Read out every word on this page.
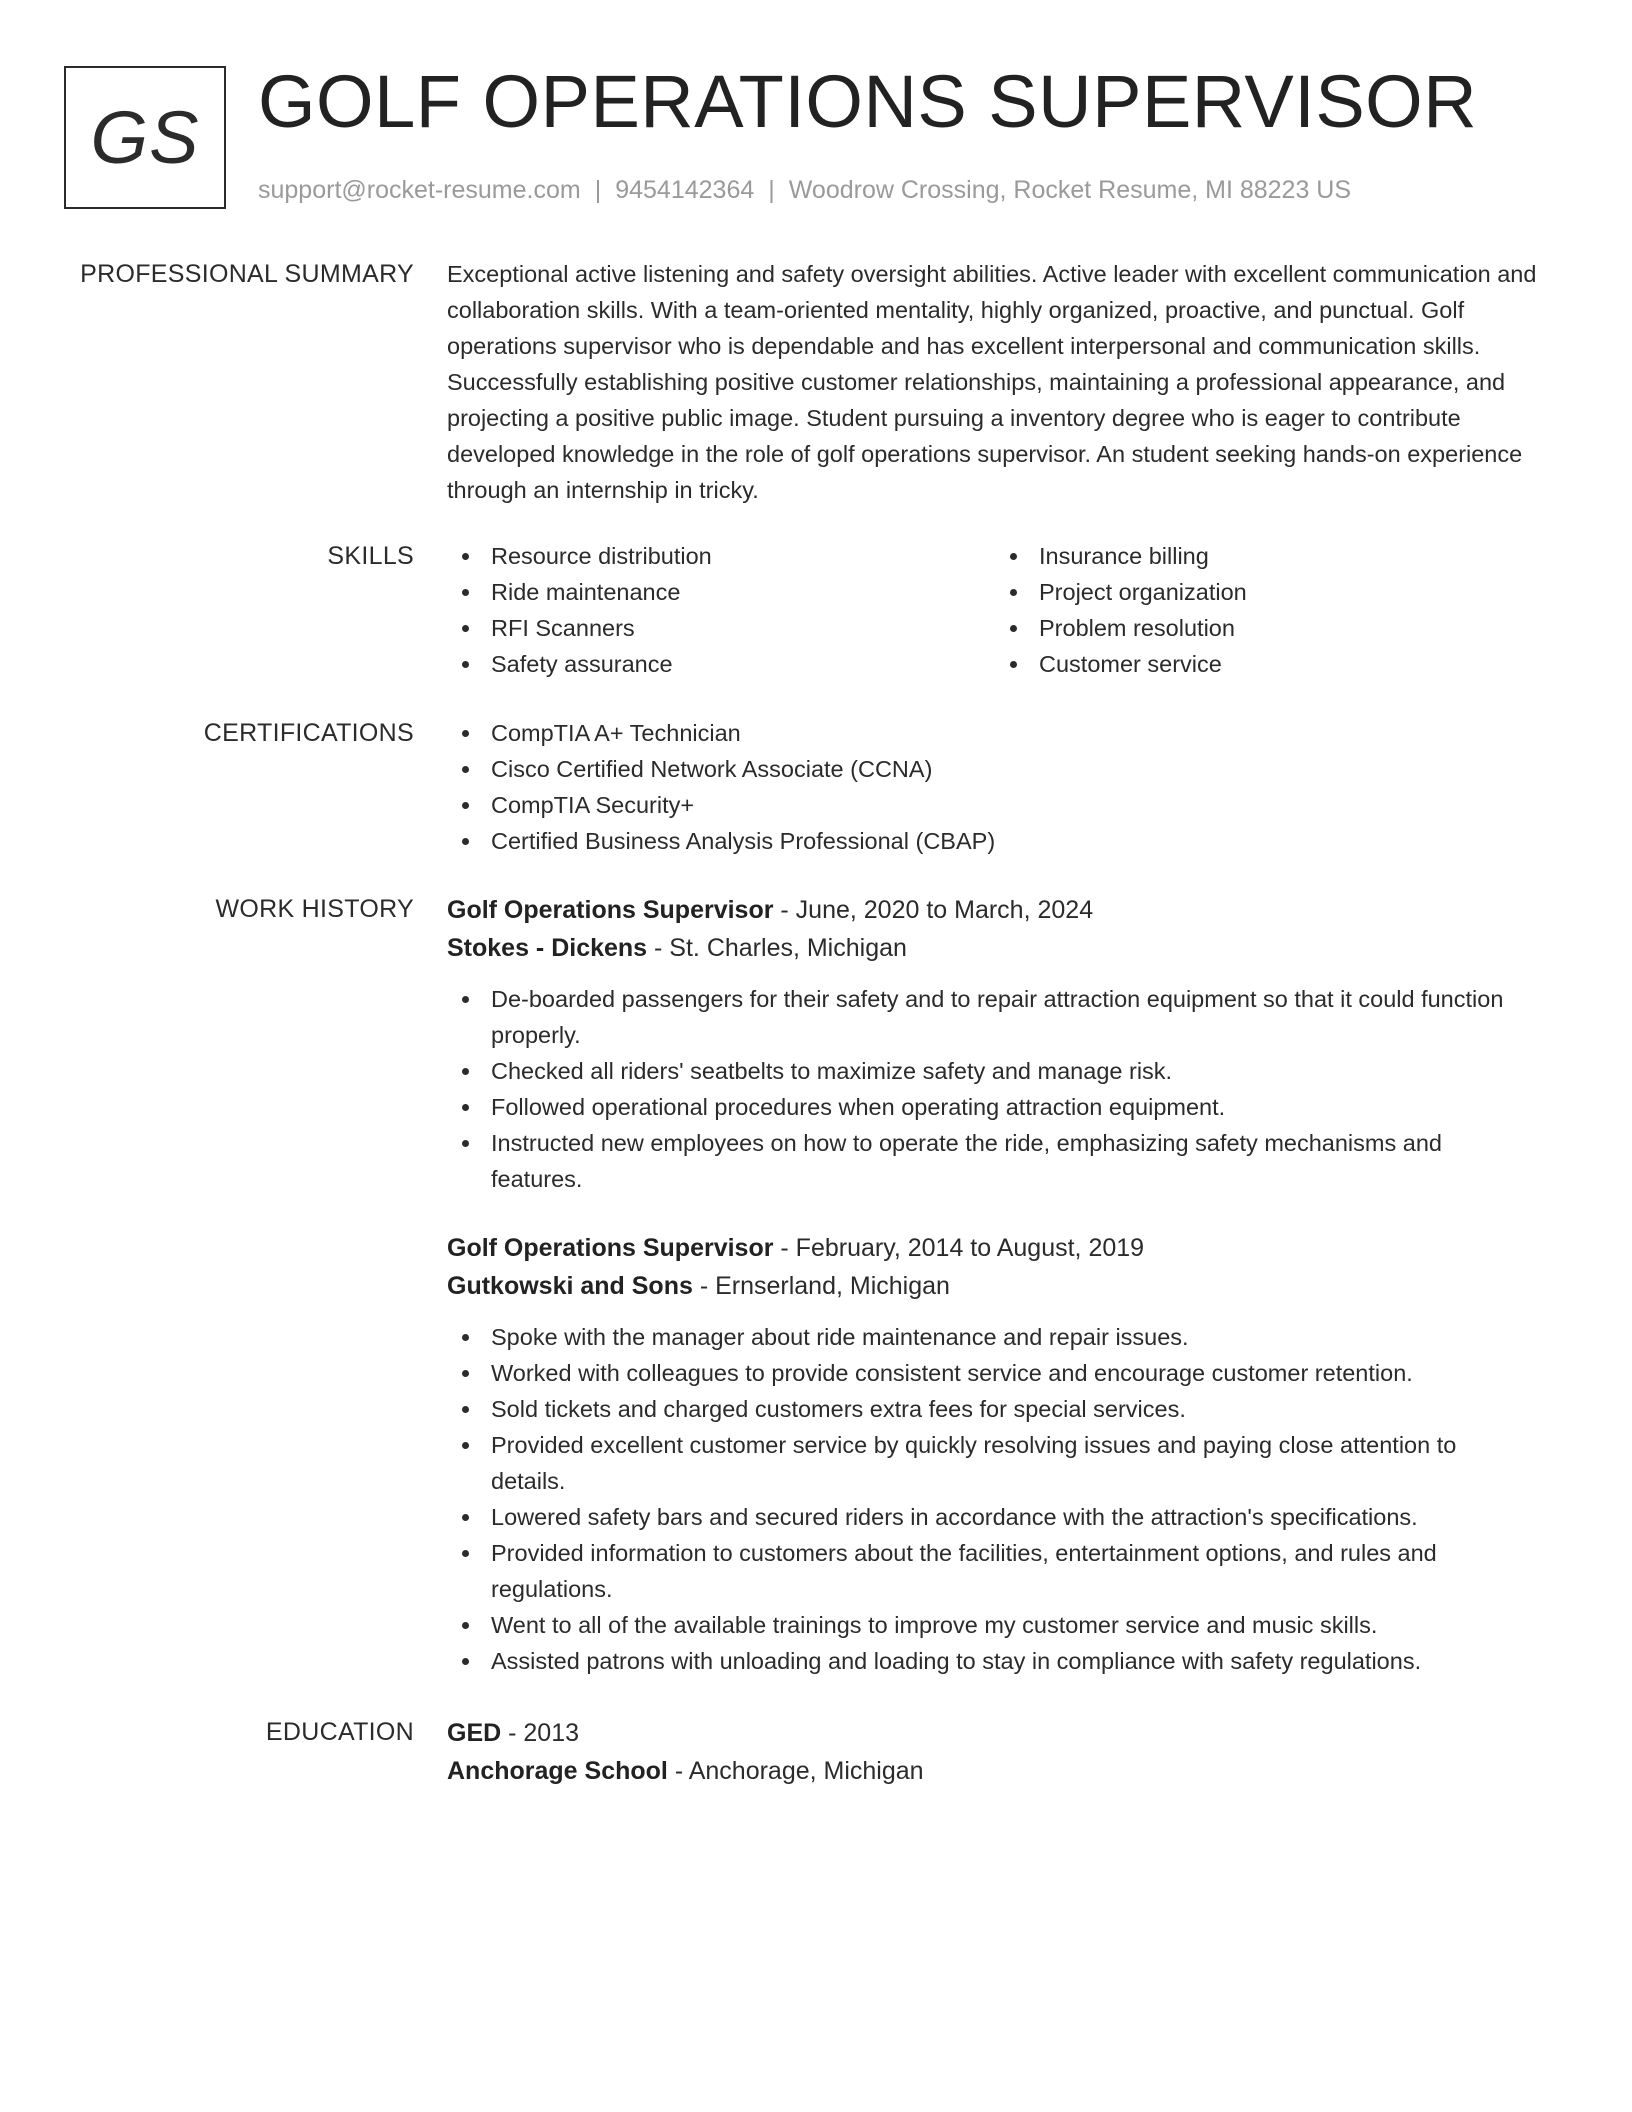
GS GOLF OPERATIONS SUPERVISOR
support@rocket-resume.com | 9454142364 | Woodrow Crossing, Rocket Resume, MI 88223 US
PROFESSIONAL SUMMARY Exceptional active listening and safety oversight abilities. Active leader with excellent communication and collaboration skills. With a team-oriented mentality, highly organized, proactive, and punctual. Golf operations supervisor who is dependable and has excellent interpersonal and communication skills. Successfully establishing positive customer relationships, maintaining a professional appearance, and projecting a positive public image. Student pursuing a inventory degree who is eager to contribute developed knowledge in the role of golf operations supervisor. An student seeking hands-on experience through an internship in tricky.
SKILLS	Resource distribution
Ride maintenance
RFI Scanners
Safety assurance
Insurance billing
Project organization
Problem resolution
Customer service
CERTIFICATIONS	CompTIA A+ Technician
Cisco Certified Network Associate (CCNA)
CompTIA Security+
Certified Business Analysis Professional (CBAP)
WORK HISTORY Golf Operations Supervisor - June, 2020 to March, 2024
Stokes - Dickens - St. Charles, Michigan
De-boarded passengers for their safety and to repair attraction equipment so that it could function properly.
Checked all riders' seatbelts to maximize safety and manage risk.
Followed operational procedures when operating attraction equipment.
Instructed new employees on how to operate the ride, emphasizing safety mechanisms and features.
Golf Operations Supervisor - February, 2014 to August, 2019
Gutkowski and Sons - Ernserland, Michigan
Spoke with the manager about ride maintenance and repair issues.
Worked with colleagues to provide consistent service and encourage customer retention.
Sold tickets and charged customers extra fees for special services.
Provided excellent customer service by quickly resolving issues and paying close attention to details.
Lowered safety bars and secured riders in accordance with the attraction's specifications.
Provided information to customers about the facilities, entertainment options, and rules and regulations.
Went to all of the available trainings to improve my customer service and music skills.
Assisted patrons with unloading and loading to stay in compliance with safety regulations.
EDUCATION GED - 2013
Anchorage School - Anchorage, Michigan
